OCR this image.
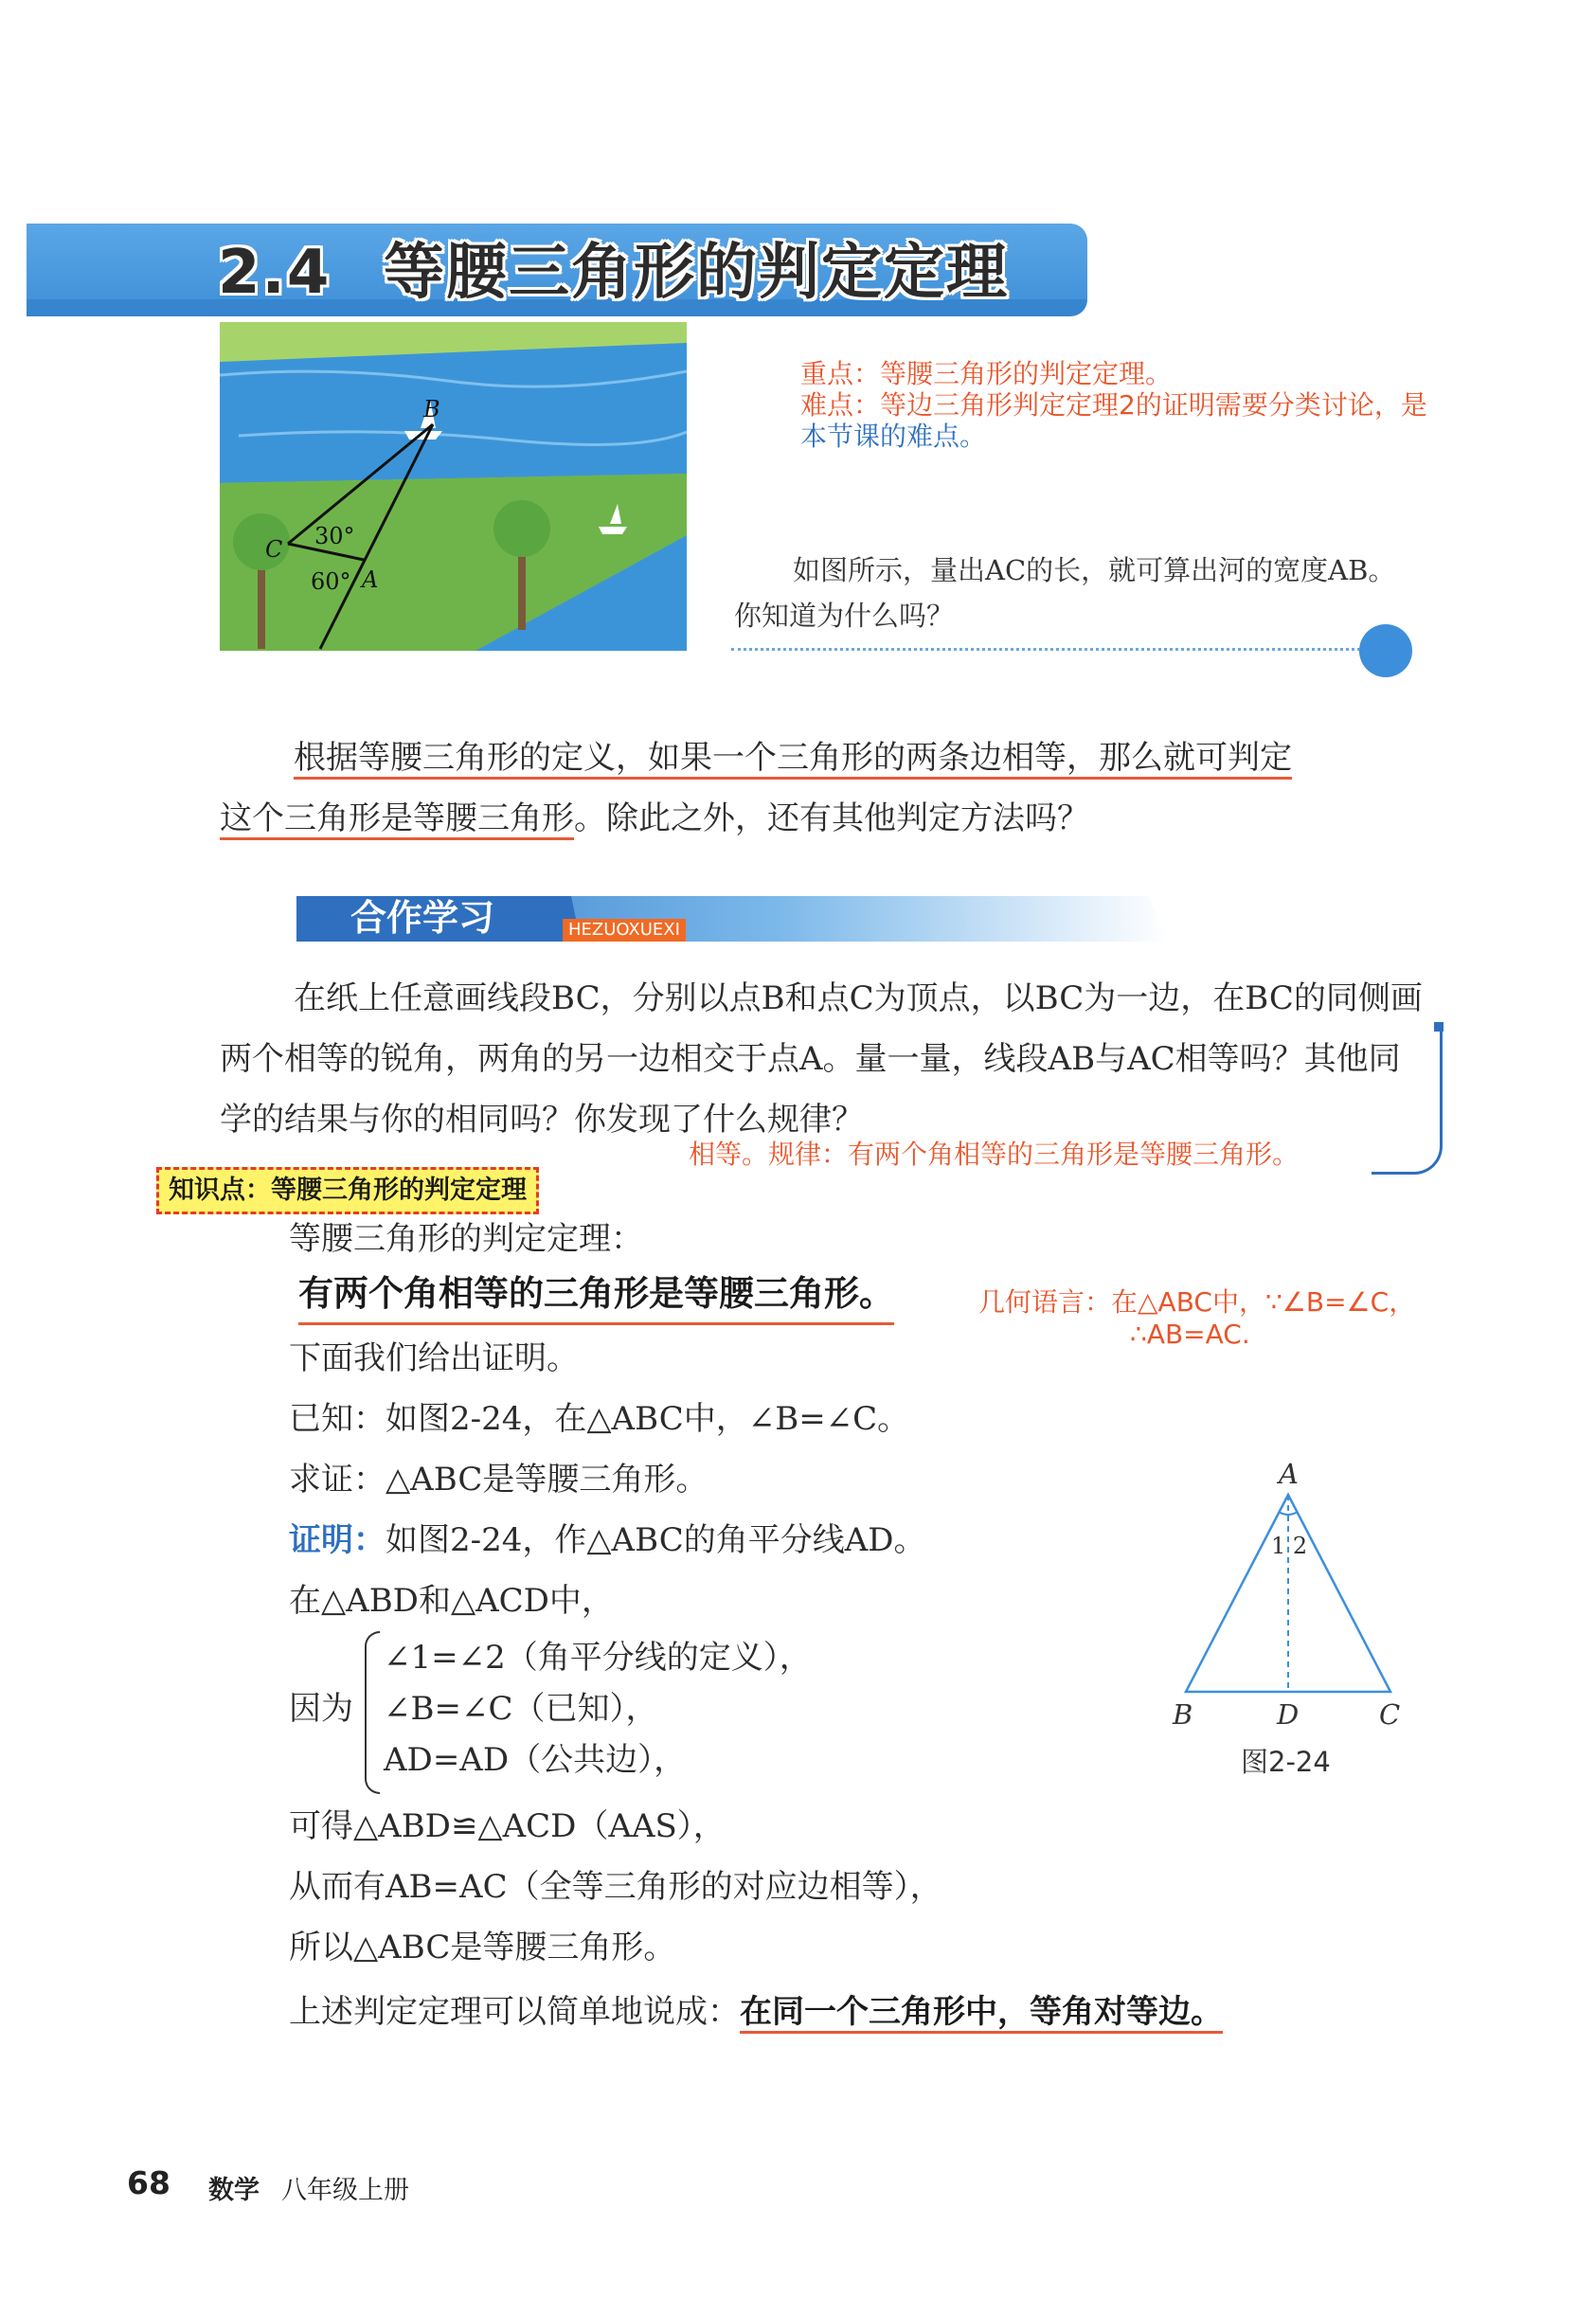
2.4 等腰三角形的判定定理
B
C
A
30°
60°
重点：等腰三角形的判定定理。
难点：等边三角形判定定理2的证明需要分类讨论，是
本节课的难点。
如图所示，量出AC的长，就可算出河的宽度AB。你知道为什么吗？
根据等腰三角形的定义，如果一个三角形的两条边相等，那么就可判定
这个三角形是等腰三角形。除此之外，还有其他判定方法吗？
合作学习	HEZUOXUEXI
在纸上任意画线段BC，分别以点B和点C为顶点，以BC为一边，在BC的同侧画两个相等的锐角，两角的另一边相交于点A。量一量，线段AB与AC相等吗？其他同学的结果与你的相同吗？你发现了什么规律？
相等。规律：有两个角相等的三角形是等腰三角形。
知识点：等腰三角形的判定定理
等腰三角形的判定定理：
有两个角相等的三角形是等腰三角形。	几何语言：在△ABC中，∵∠B=∠C，
∴AB=AC.
下面我们给出证明。
已知：如图2-24，在△ABC中，∠B=∠C。
求证：△ABC是等腰三角形。
证明：如图2-24，作△ABC的角平分线AD。
在△ABD和△ACD中，
因为
∠1=∠2（角平分线的定义），
∠B=∠C（已知），
AD=AD（公共边），
可得△ABD≌△ACD（AAS），
从而有AB=AC（全等三角形的对应边相等），
所以△ABC是等腰三角形。
上述判定定理可以简单地说成：在同一个三角形中，等角对等边。
A
1 2
B	D	C
图2-24
68 数学 八年级上册
